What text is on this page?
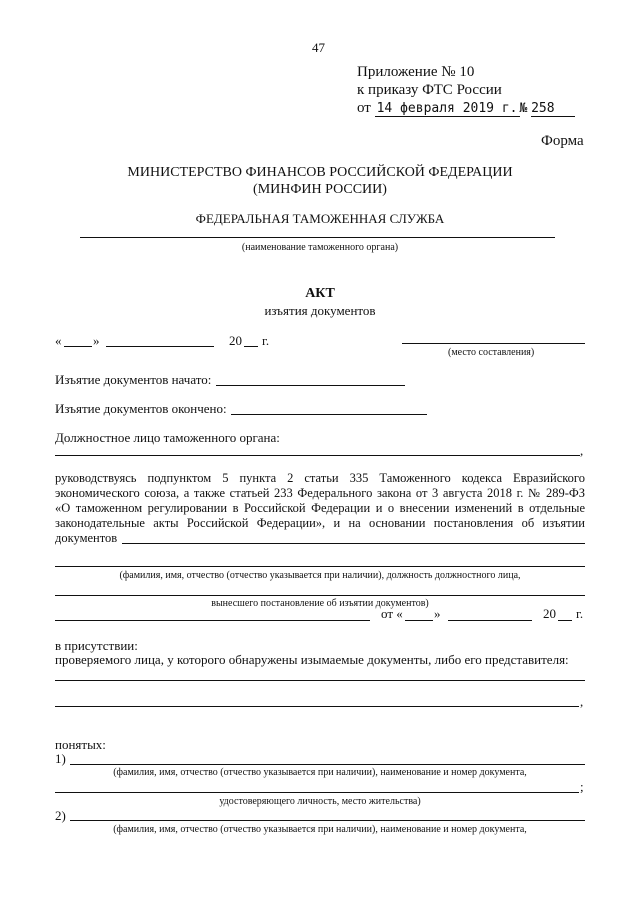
47
Приложение № 10
к приказу ФТС России
от 14 февраля 2019 г. № 258
Форма
МИНИСТЕРСТВО ФИНАНСОВ РОССИЙСКОЙ ФЕДЕРАЦИИ
(МИНФИН РОССИИ)
ФЕДЕРАЛЬНАЯ ТАМОЖЕННАЯ СЛУЖБА
(наименование таможенного органа)
АКТ
изъятия документов
« »	20 г.
(место составления)
Изъятие документов начато:
Изъятие документов окончено:
Должностное лицо таможенного органа:
,
руководствуясь подпунктом 5 пункта 2 статьи 335 Таможенного кодекса Евразийского
экономического союза, а также статьей 233 Федерального закона от 3 августа 2018 г. № 289-ФЗ
«О таможенном регулировании в Российской Федерации и о внесении изменений в отдельные
законодательные акты Российской Федерации», и на основании постановления об изъятии
документов
(фамилия, имя, отчество (отчество указывается при наличии), должность должностного лица,
вынесшего постановление об изъятии документов)
от « »	20 г.
в присутствии:
проверяемого лица, у которого обнаружены изымаемые документы, либо его представителя:
,
понятых:
1)
(фамилия, имя, отчество (отчество указывается при наличии), наименование и номер документа,
;
удостоверяющего личность, место жительства)
2)
(фамилия, имя, отчество (отчество указывается при наличии), наименование и номер документа,
